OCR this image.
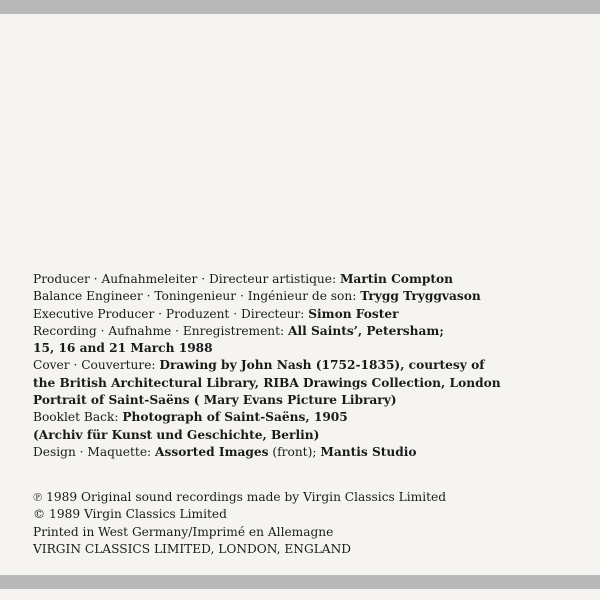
Producer · Aufnahmeleiter · Directeur artistique: Martin Compton
Balance Engineer · Toningenieur · Ingénieur de son: Trygg Tryggvason
Executive Producer · Produzent · Directeur: Simon Foster
Recording · Aufnahme · Enregistrement: All Saints’, Petersham;
15, 16 and 21 March 1988
Cover · Couverture: Drawing by John Nash (1752-1835), courtesy of
the British Architectural Library, RIBA Drawings Collection, London
Portrait of Saint-Saëns ( Mary Evans Picture Library)
Booklet Back: Photograph of Saint-Saëns, 1905
(Archiv für Kunst und Geschichte, Berlin)
Design · Maquette: Assorted Images (front); Mantis Studio
℗ 1989 Original sound recordings made by Virgin Classics Limited
© 1989 Virgin Classics Limited
Printed in West Germany/Imprimé en Allemagne
VIRGIN CLASSICS LIMITED, LONDON, ENGLAND
